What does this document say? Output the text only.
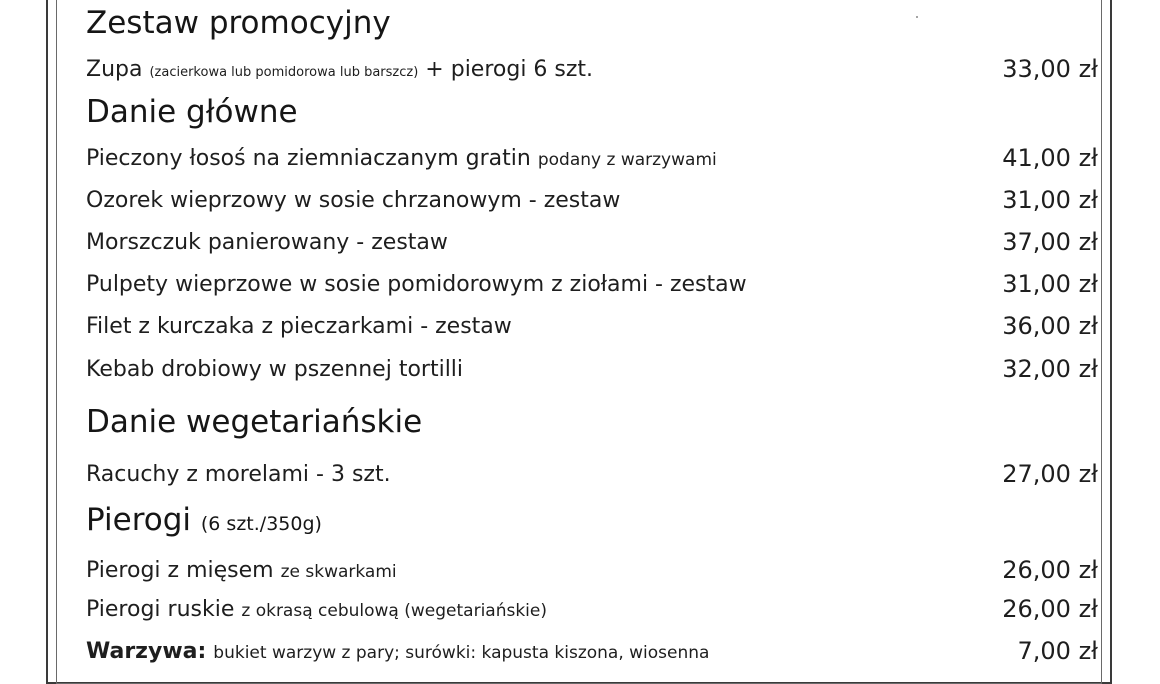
Zestaw promocyjny
Zupa (zacierkowa lub pomidorowa lub barszcz) + pierogi 6 szt.	33,00 zł
Danie główne
Pieczony łosoś na ziemniaczanym gratin podany z warzywami	41,00 zł
Ozorek wieprzowy w sosie chrzanowym - zestaw	31,00 zł
Morszczuk panierowany - zestaw	37,00 zł
Pulpety wieprzowe w sosie pomidorowym z ziołami - zestaw	31,00 zł
Filet z kurczaka z pieczarkami - zestaw	36,00 zł
Kebab drobiowy w pszennej tortilli	32,00 zł
Danie wegetariańskie
Racuchy z morelami - 3 szt.	27,00 zł
Pierogi (6 szt./350g)
Pierogi z mięsem ze skwarkami	26,00 zł
Pierogi ruskie z okrasą cebulową (wegetariańskie)	26,00 zł
Warzywa: bukiet warzyw z pary; surówki: kapusta kiszona, wiosenna	7,00 zł
